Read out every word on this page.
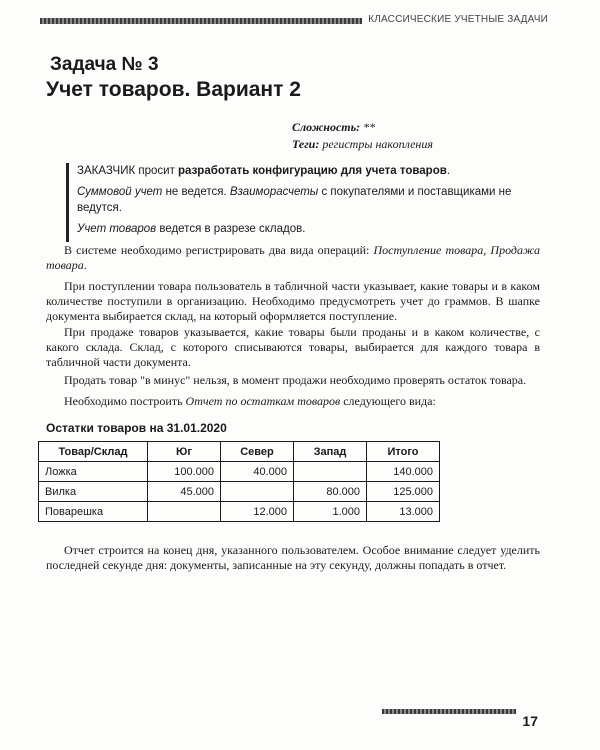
КЛАССИЧЕСКИЕ УЧЕТНЫЕ ЗАДАЧИ
Задача № 3
Учет товаров. Вариант 2
Сложность: **
Теги: регистры накопления

ЗАКАЗЧИК просит разработать конфигурацию для учета товаров.

Суммовой учет не ведется. Взаиморасчеты с покупателями и поставщиками не ведутся.

Учет товаров ведется в разрезе складов.

В системе необходимо регистрировать два вида операций: Поступление товара, Продажа товара.

При поступлении товара пользователь в табличной части указывает, какие товары и в каком количестве поступили в организацию. Необходимо предусмотреть учет до граммов. В шапке документа выбирается склад, на который оформляется поступление.

При продаже товаров указывается, какие товары были проданы и в каком количестве, с какого склада. Склад, с которого списываются товары, выбирается для каждого товара в табличной части документа.

Продать товар "в минус" нельзя, в момент продажи необходимо проверять остаток товара.

Необходимо построить Отчет по остаткам товаров следующего вида:

Остатки товаров на 31.01.2020
Товар/Склад	Юг	Север	Запад	Итого
Ложка	100.000	40.000		140.000
Вилка	45.000		80.000	125.000
Поварешка		12.000	1.000	13.000

Отчет строится на конец дня, указанного пользователем. Особое внимание следует уделить последней секунде дня: документы, записанные на эту секунду, должны попадать в отчет.

17
